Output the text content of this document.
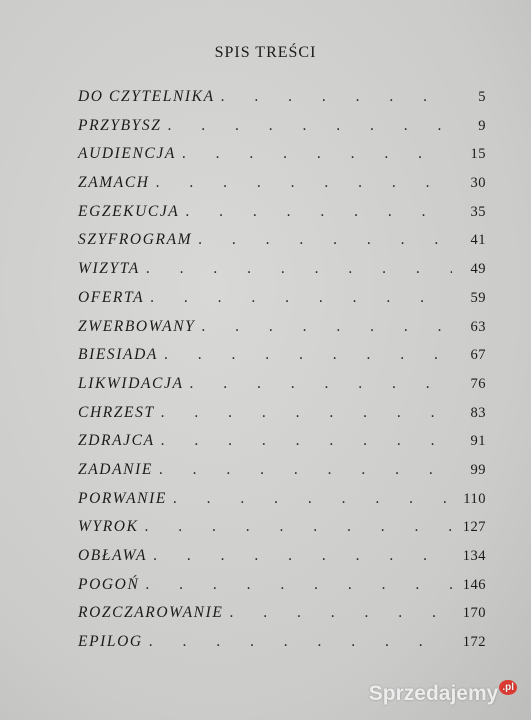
SPIS TREŚCI
DO CZYTELNIKA . . .	5
PRZYBYSZ . . .	9
AUDIENCJA . . .	15
ZAMACH . . .	30
EGZEKUCJA . . .	35
SZYFROGRAM . . .	41
WIZYTA . . .	49
OFERTA . . .	59
ZWERBOWANY . . .	63
BIESIADA . . .	67
LIKWIDACJA . . .	76
CHRZEST . . .	83
ZDRAJCA . . .	91
ZADANIE . . .	99
PORWANIE . . .	110
WYROK . . .	127
OBŁAWA . . .	134
POGOŃ . . .	146
ROZCZAROWANIE . . .	170
EPILOG . . .	172
Sprzedajemy $^{.pl}$
